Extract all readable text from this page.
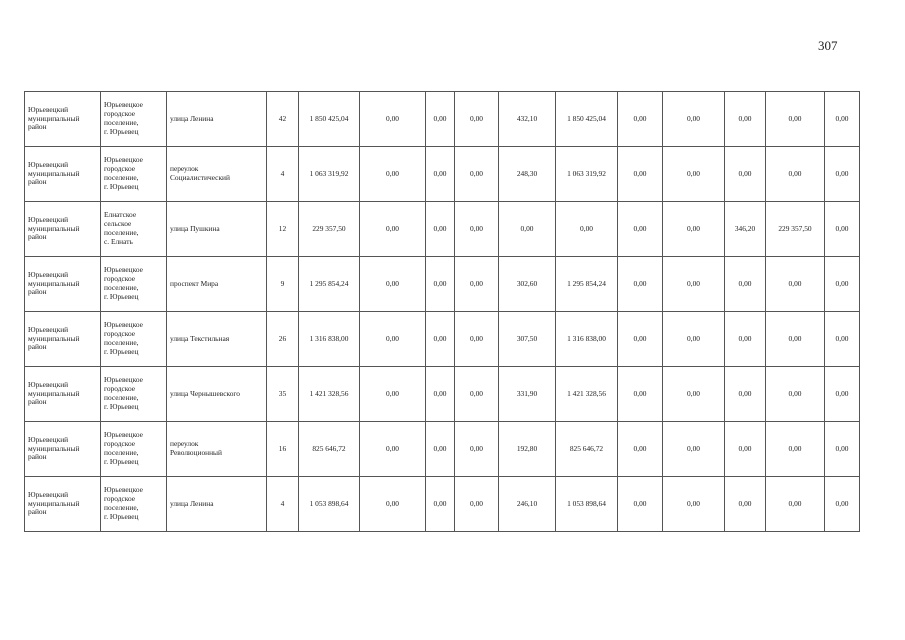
307
Юрьевецкий
муниципальный
район	Юрьевецкое
городское
поселение,
г. Юрьевец	улица Ленина	42	1 850 425,04	0,00	0,00	0,00	432,10	1 850 425,04	0,00	0,00	0,00	0,00	0,00

Юрьевецкий
муниципальный
район	Юрьевецкое
городское
поселение,
г. Юрьевец	переулок
Социалистический	4	1 063 319,92	0,00	0,00	0,00	248,30	1 063 319,92	0,00	0,00	0,00	0,00	0,00

Юрьевецкий
муниципальный
район	Елнатское
сельское
поселение,
с. Елнать	улица Пушкина	12	229 357,50	0,00	0,00	0,00	0,00	0,00	0,00	0,00	346,20	229 357,50	0,00

Юрьевецкий
муниципальный
район	Юрьевецкое
городское
поселение,
г. Юрьевец	проспект Мира	9	1 295 854,24	0,00	0,00	0,00	302,60	1 295 854,24	0,00	0,00	0,00	0,00	0,00

Юрьевецкий
муниципальный
район	Юрьевецкое
городское
поселение,
г. Юрьевец	улица Текстильная	26	1 316 838,00	0,00	0,00	0,00	307,50	1 316 838,00	0,00	0,00	0,00	0,00	0,00

Юрьевецкий
муниципальный
район	Юрьевецкое
городское
поселение,
г. Юрьевец	улица Чернышевского	35	1 421 328,56	0,00	0,00	0,00	331,90	1 421 328,56	0,00	0,00	0,00	0,00	0,00

Юрьевецкий
муниципальный
район	Юрьевецкое
городское
поселение,
г. Юрьевец	переулок
Революционный	16	825 646,72	0,00	0,00	0,00	192,80	825 646,72	0,00	0,00	0,00	0,00	0,00

Юрьевецкий
муниципальный
район	Юрьевецкое
городское
поселение,
г. Юрьевец	улица Ленина	4	1 053 898,64	0,00	0,00	0,00	246,10	1 053 898,64	0,00	0,00	0,00	0,00	0,00
